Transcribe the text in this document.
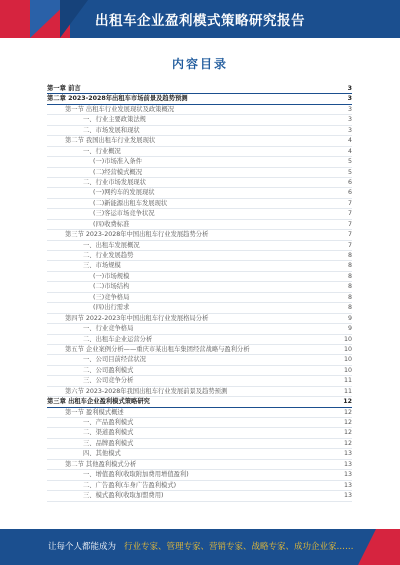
出租车企业盈利模式策略研究报告
内容目录
第一章 前言	3
第二章 2023-2028年出租车市场前景及趋势预测	3
第一节 出租车行业发展现状及政策概况	3
一、行业主要政策法规	3
二、市场发展和现状	3
第二节 我国出租车行业发展现状	4
一、行业概况	4
(一)市场准入条件	5
(二)经营模式概况	5
二、行业市场发展现状	6
(一)网约车的发展现状	6
(二)新能源出租车发展现状	7
(三)客运市场竞争状况	7
(四)收费标准	7
第三节 2023-2028年中国出租车行业发展趋势分析	7
一、出租车发展概况	7
二、行业发展趋势	8
三、市场规模	8
(一)市场规模	8
(二)市场结构	8
(三)竞争格局	8
(四)出行需求	8
第四节 2022-2023年中国出租车行业发展格局分析	9
一、行业竞争格局	9
二、出租车企业运营分析	10
第五节 企业案例分析——重庆市某出租车集团经营战略与盈利分析	10
一、公司目前经营状况	10
二、公司盈利模式	10
三、公司竞争分析	11
第六节 2023-2028年我国出租车行业发展前景及趋势预测	11
第三章 出租车企业盈利模式策略研究	12
第一节 盈利模式概述	12
一、产品盈利模式	12
二、渠道盈利模式	12
三、品牌盈利模式	12
四、其他模式	13
第二节 其他盈利模式分析	13
一、增值盈利(收取附加费用增值盈利)	13
二、广告盈利(车身广告盈利模式)	13
三、模式盈利(收取加盟费用)	13
让每个人都能成为 行业专家、管理专家、营销专家、战略专家、成功企业家……
